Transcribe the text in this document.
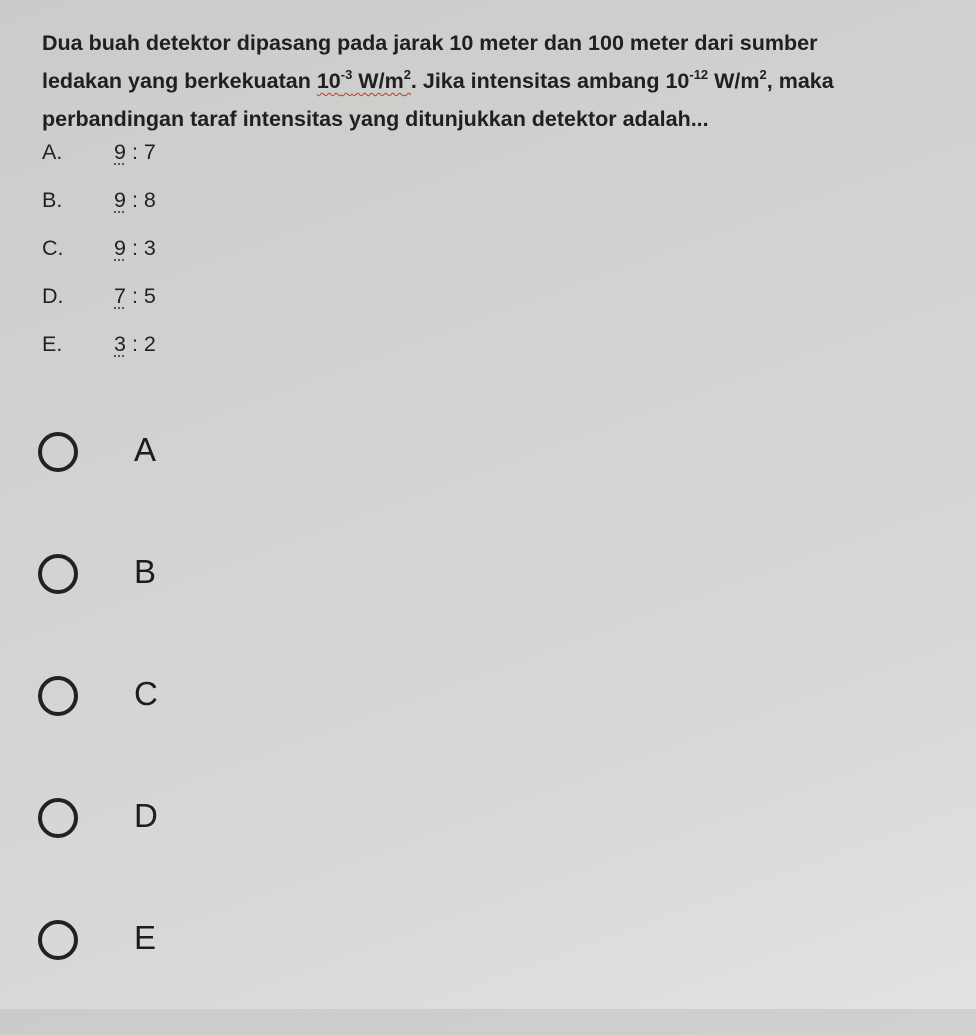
Dua buah detektor dipasang pada jarak 10 meter dan 100 meter dari sumber
ledakan yang berkekuatan $10^{-3}$ $W/m^2$. Jika intensitas ambang $10^{-12}$ $W/m^2$, maka
perbandingan taraf intensitas yang ditunjukkan detektor adalah...
A. 9 : 7
B. 9 : 8
C. 9 : 3
D. 7 : 5
E. 3 : 2
A
B
C
D
E
